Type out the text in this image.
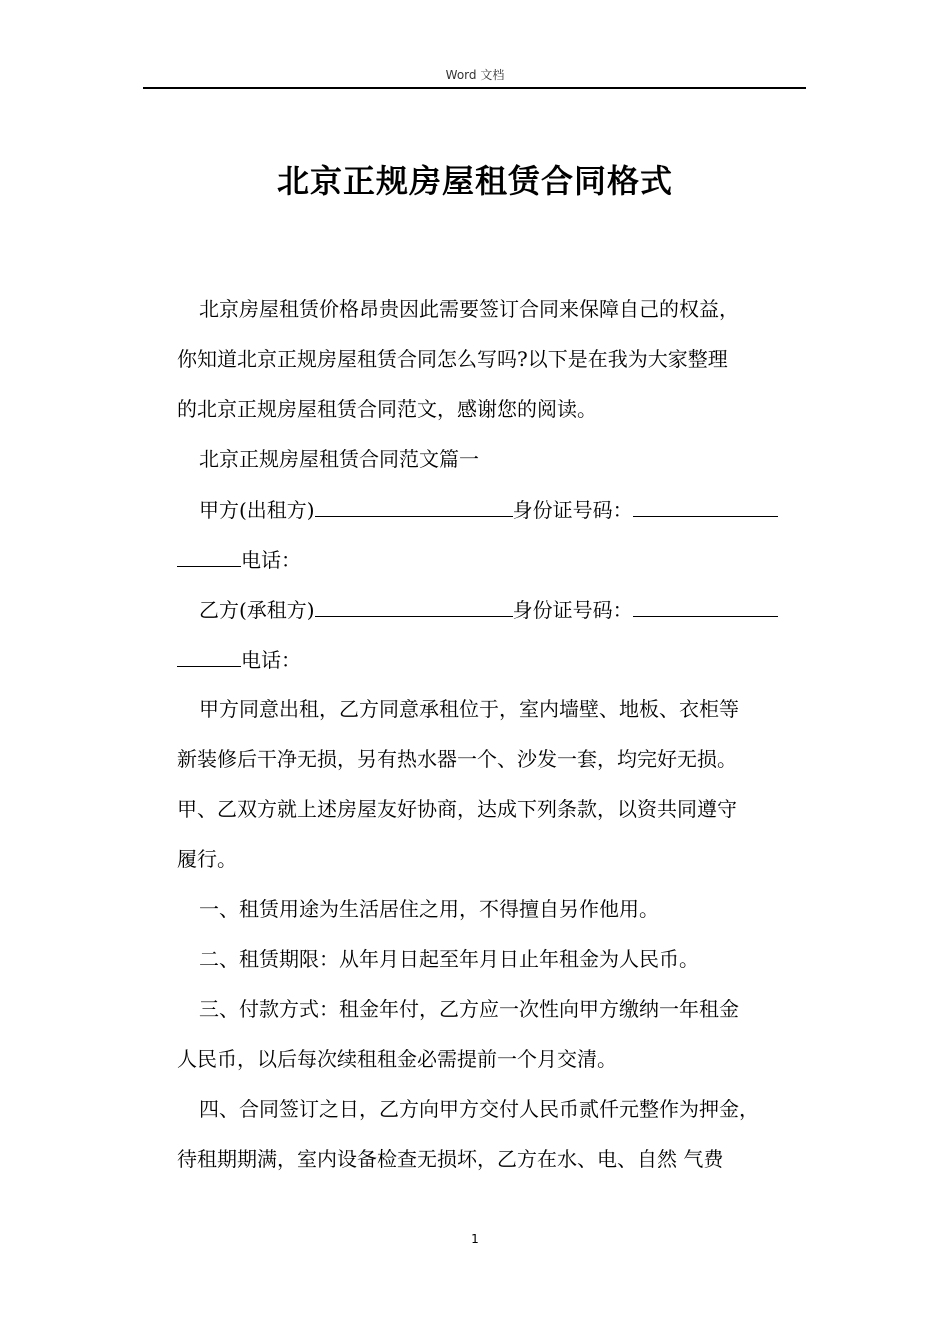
Word 文档
北京正规房屋租赁合同格式
北京房屋租赁价格昂贵因此需要签订合同来保障自己的权益，
你知道北京正规房屋租赁合同怎么写吗?以下是在我为大家整理
的北京正规房屋租赁合同范文，感谢您的阅读。
北京正规房屋租赁合同范文篇一
甲方(出租方)	身份证号码：
电话：
乙方(承租方)	身份证号码：
电话：
甲方同意出租，乙方同意承租位于，室内墙壁、地板、衣柜等
新装修后干净无损，另有热水器一个、沙发一套，均完好无损。
甲、乙双方就上述房屋友好协商，达成下列条款，以资共同遵守
履行。
一、租赁用途为生活居住之用，不得擅自另作他用。
二、租赁期限：从年月日起至年月日止年租金为人民币。
三、付款方式：租金年付，乙方应一次性向甲方缴纳一年租金
人民币，以后每次续租租金必需提前一个月交清。
四、合同签订之日，乙方向甲方交付人民币贰仟元整作为押金，
待租期期满，室内设备检查无损坏，乙方在水、电、自然 气费
1
